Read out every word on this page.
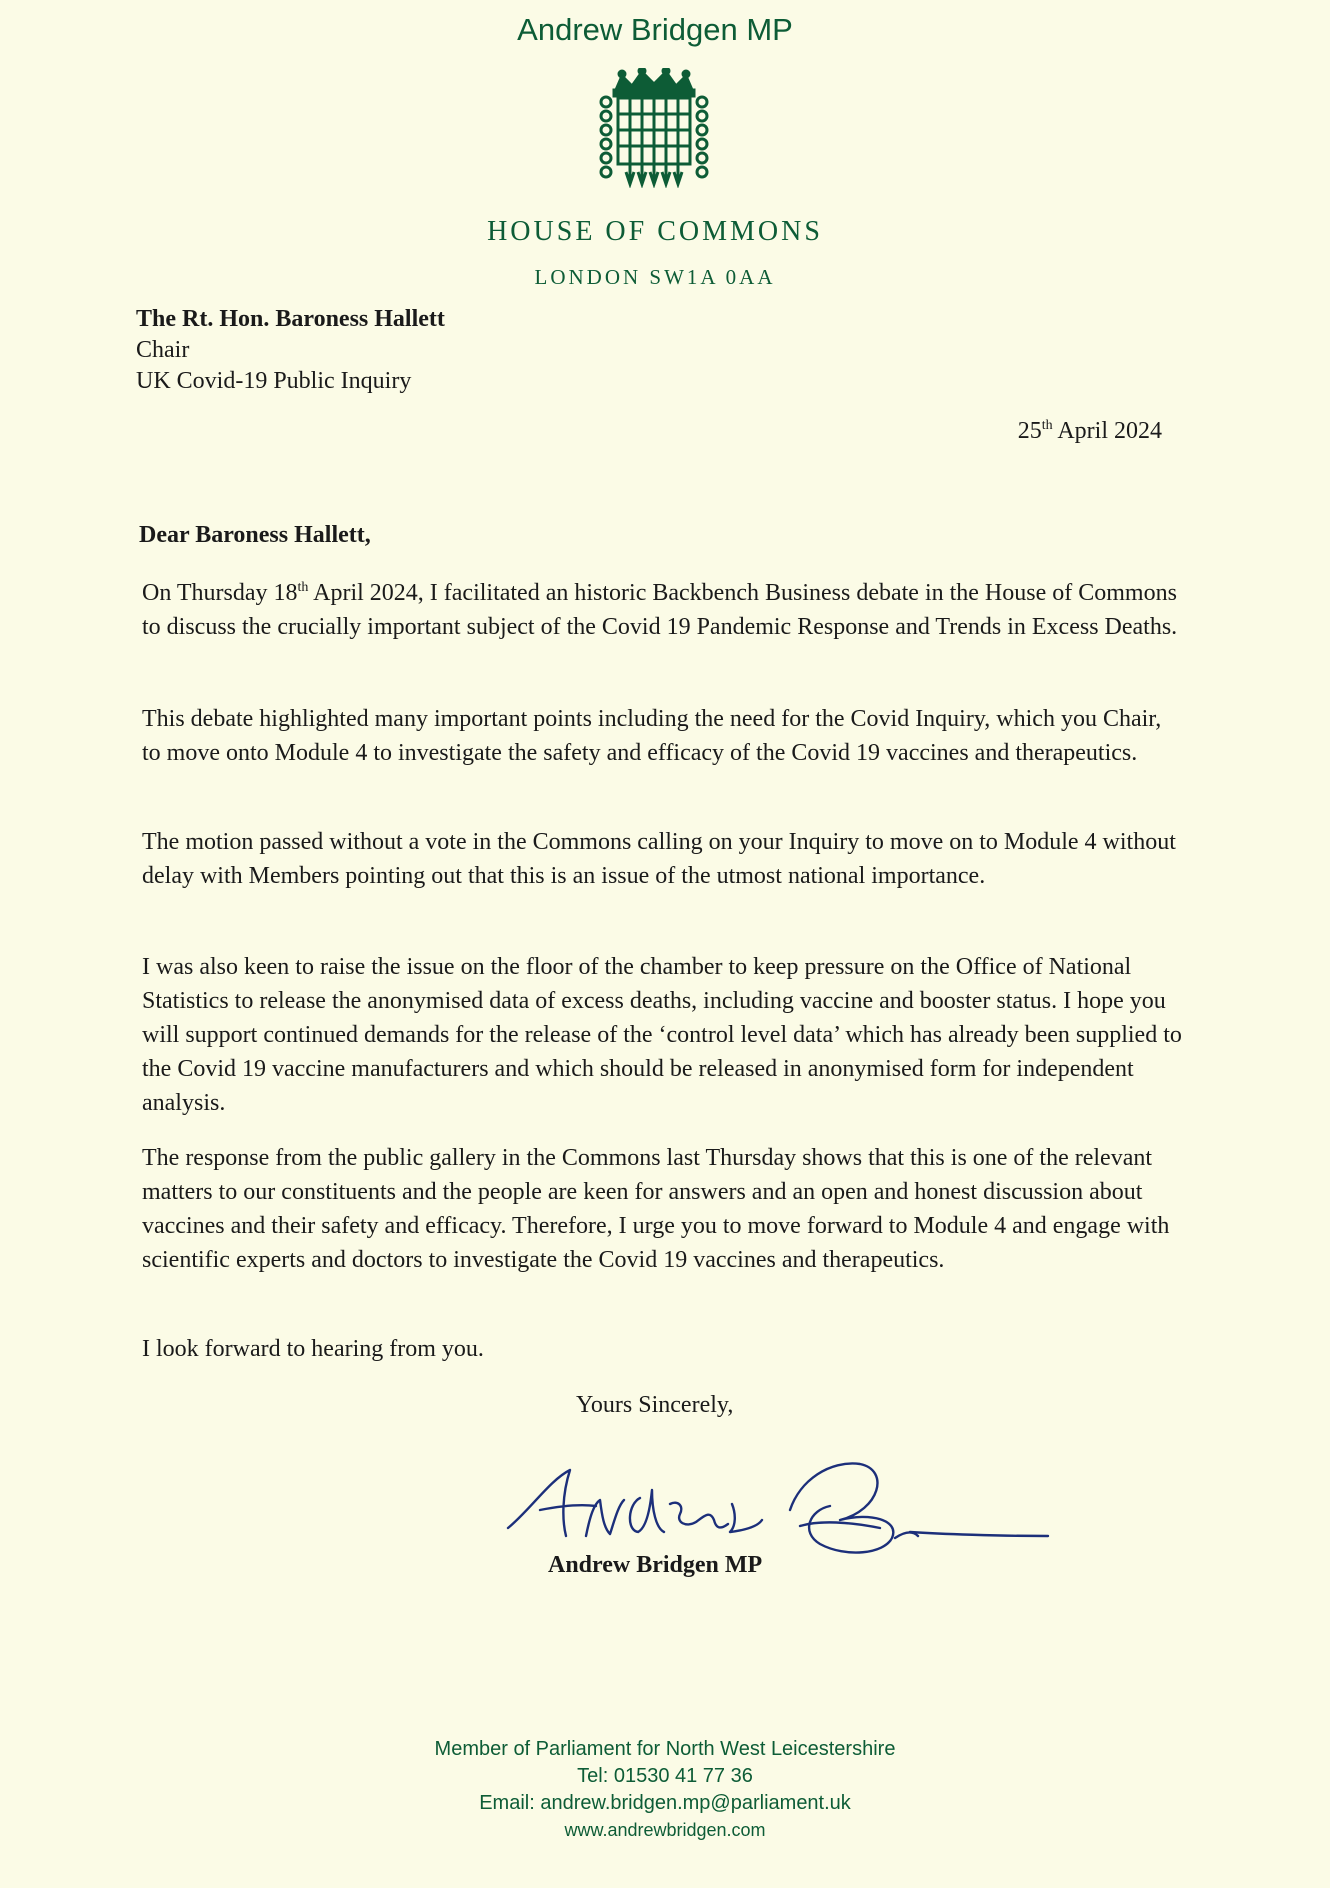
Andrew Bridgen MP
HOUSE OF COMMONS
LONDON SW1A 0AA
The Rt. Hon. Baroness Hallett
Chair
UK Covid-19 Public Inquiry
25th April 2024
Dear Baroness Hallett,
On Thursday 18th April 2024, I facilitated an historic Backbench Business debate in the House of Commons to discuss the crucially important subject of the Covid 19 Pandemic Response and Trends in Excess Deaths.
This debate highlighted many important points including the need for the Covid Inquiry, which you Chair, to move onto Module 4 to investigate the safety and efficacy of the Covid 19 vaccines and therapeutics.
The motion passed without a vote in the Commons calling on your Inquiry to move on to Module 4 without delay with Members pointing out that this is an issue of the utmost national importance.
I was also keen to raise the issue on the floor of the chamber to keep pressure on the Office of National Statistics to release the anonymised data of excess deaths, including vaccine and booster status. I hope you will support continued demands for the release of the ‘control level data’ which has already been supplied to the Covid 19 vaccine manufacturers and which should be released in anonymised form for independent analysis.
The response from the public gallery in the Commons last Thursday shows that this is one of the relevant matters to our constituents and the people are keen for answers and an open and honest discussion about vaccines and their safety and efficacy. Therefore, I urge you to move forward to Module 4 and engage with scientific experts and doctors to investigate the Covid 19 vaccines and therapeutics.
I look forward to hearing from you.
Yours Sincerely,
Andrew Bridgen MP
Member of Parliament for North West Leicestershire
Tel: 01530 41 77 36
Email: andrew.bridgen.mp@parliament.uk
www.andrewbridgen.com
